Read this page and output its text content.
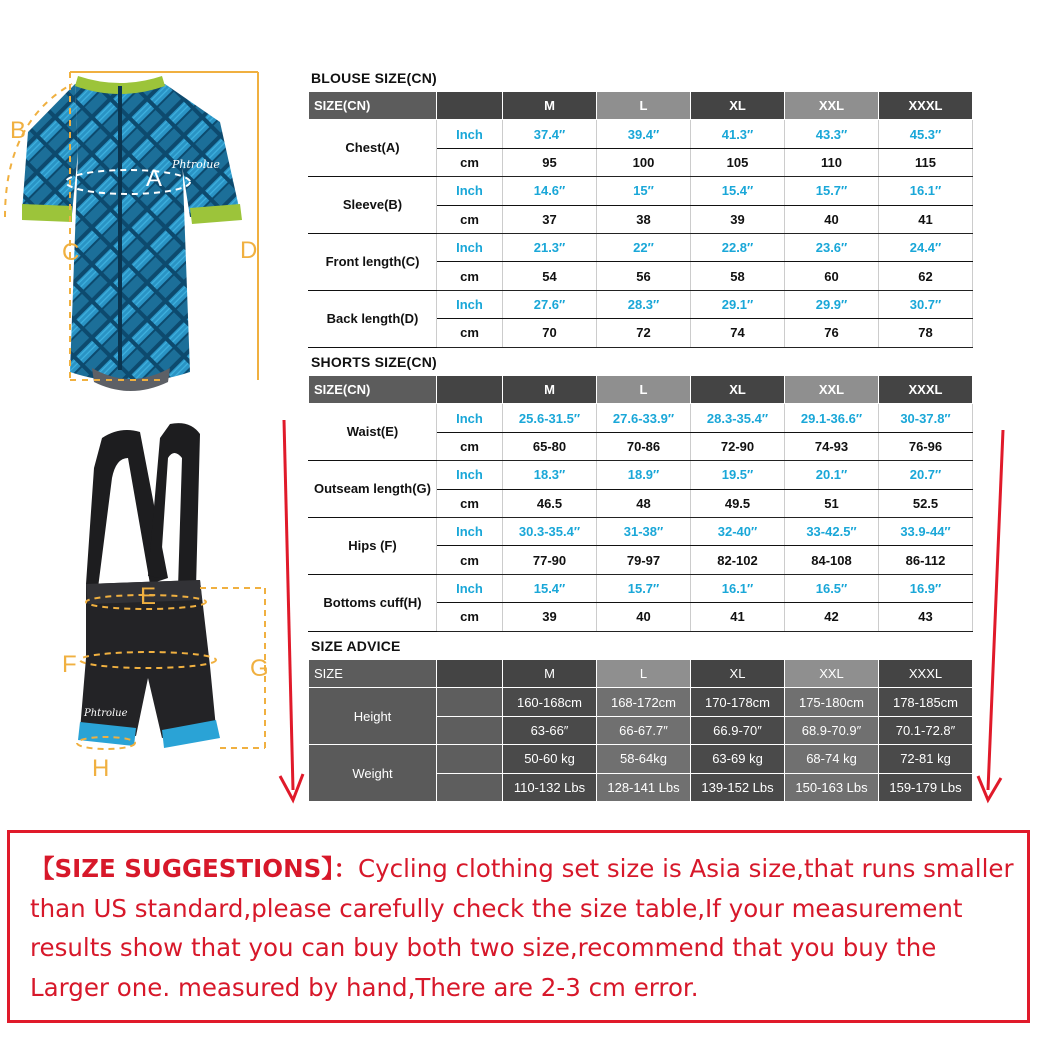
A
B
C	D
Phtrolue
E
F	G
H
Phtrolue
BLOUSE SIZE(CN)
SIZE(CN)		M	L	XL	XXL	XXXL
Chest(A)	Inch	37.4″	39.4″	41.3″	43.3″	45.3″
	cm	95	100	105	110	115
Sleeve(B)	Inch	14.6″	15″	15.4″	15.7″	16.1″
	cm	37	38	39	40	41
Front length(C)	Inch	21.3″	22″	22.8″	23.6″	24.4″
	cm	54	56	58	60	62
Back length(D)	Inch	27.6″	28.3″	29.1″	29.9″	30.7″
	cm	70	72	74	76	78
SHORTS SIZE(CN)
SIZE(CN)		M	L	XL	XXL	XXXL
Waist(E)	Inch	25.6-31.5″	27.6-33.9″	28.3-35.4″	29.1-36.6″	30-37.8″
	cm	65-80	70-86	72-90	74-93	76-96
Outseam length(G)	Inch	18.3″	18.9″	19.5″	20.1″	20.7″
	cm	46.5	48	49.5	51	52.5
Hips (F)	Inch	30.3-35.4″	31-38″	32-40″	33-42.5″	33.9-44″
	cm	77-90	79-97	82-102	84-108	86-112
Bottoms cuff(H)	Inch	15.4″	15.7″	16.1″	16.5″	16.9″
	cm	39	40	41	42	43
SIZE ADVICE
SIZE		M	L	XL	XXL	XXXL
Height		160-168cm	168-172cm	170-178cm	175-180cm	178-185cm
		63-66″	66-67.7″	66.9-70″	68.9-70.9″	70.1-72.8″
Weight		50-60 kg	58-64kg	63-69 kg	68-74 kg	72-81 kg
		110-132 Lbs	128-141 Lbs	139-152 Lbs	150-163 Lbs	159-179 Lbs
【SIZE SUGGESTIONS】：Cycling clothing set size is Asia size,that runs smaller than US standard,please carefully check the size table,If your measurement results show that you can buy both two size,recommend that you buy the Larger one. measured by hand,There are 2-3 cm error.
